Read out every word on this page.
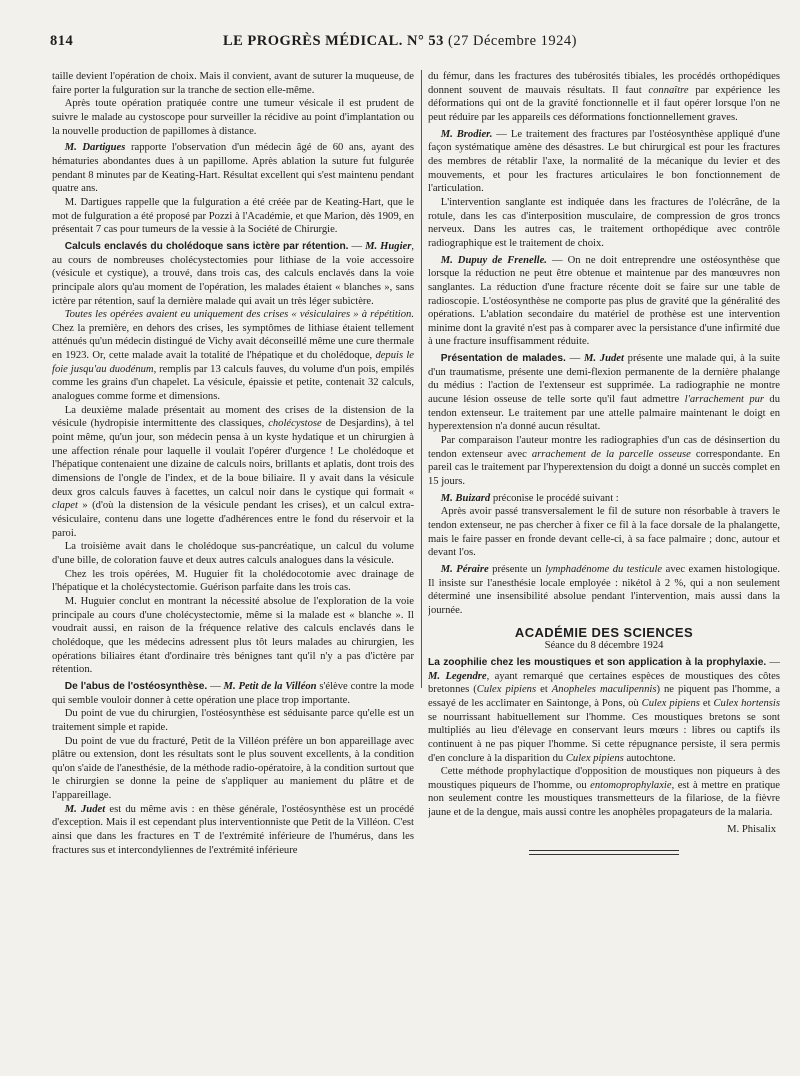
814	LE PROGRÈS MÉDICAL. N° 53 (27 Décembre 1924)

taille devient l'opération de choix. Mais il convient, avant de suturer la muqueuse, de faire porter la fulguration sur la tranche de section elle-même.

Après toute opération pratiquée contre une tumeur vésicale il est prudent de suivre le malade au cystoscope pour surveiller la récidive au point d'implantation ou la nouvelle production de papillomes à distance.

M. Dartigues rapporte l'observation d'un médecin âgé de 60 ans, ayant des hématuries abondantes dues à un papillome. Après ablation la suture fut fulgurée pendant 8 minutes par de Keating-Hart. Résultat excellent qui s'est maintenu pendant quatre ans.

M. Dartigues rappelle que la fulguration a été créée par de Keating-Hart, que le mot de fulguration a été proposé par Pozzi à l'Académie, et que Marion, dès 1909, en présentait 7 cas pour tumeurs de la vessie à la Société de Chirurgie.

Calculs enclavés du cholédoque sans ictère par rétention. — M. Hugier, au cours de nombreuses cholécystectomies pour lithiase de la voie accessoire (vésicule et cystique), a trouvé, dans trois cas, des calculs enclavés dans la voie principale alors qu'au moment de l'opération, les malades étaient « blanches », sans ictère par rétention, sauf la dernière malade qui avait un très léger subictère.

Toutes les opérées avaient eu uniquement des crises « vésiculaires » à répétition. Chez la première, en dehors des crises, les symptômes de lithiase étaient tellement atténués qu'un médecin distingué de Vichy avait déconseillé même une cure thermale en 1923. Or, cette malade avait la totalité de l'hépatique et du cholédoque, depuis le foie jusqu'au duodénum, remplis par 13 calculs fauves, du volume d'un pois, empilés comme les grains d'un chapelet. La vésicule, épaissie et petite, contenait 32 calculs, analogues comme forme et dimensions.

La deuxième malade présentait au moment des crises de la distension de la vésicule (hydropisie intermittente des classiques, cholécystose de Desjardins), à tel point même, qu'un jour, son médecin pensa à un kyste hydatique et un chirurgien à une affection rénale pour laquelle il voulait l'opérer d'urgence ! Le cholédoque et l'hépatique contenaient une dizaine de calculs noirs, brillants et aplatis, dont trois des dimensions de l'ongle de l'index, et de la boue biliaire. Il y avait dans la vésicule deux gros calculs fauves à facettes, un calcul noir dans le cystique qui formait « clapet » (d'où la distension de la vésicule pendant les crises), et un calcul extra-vésiculaire, contenu dans une logette d'adhérences entre le fond du réservoir et la paroi.

La troisième avait dans le cholédoque sus-pancréatique, un calcul du volume d'une bille, de coloration fauve et deux autres calculs analogues dans la vésicule.

Chez les trois opérées, M. Huguier fit la cholédocotomie avec drainage de l'hépatique et la cholécystectomie. Guérison parfaite dans les trois cas.

M. Huguier conclut en montrant la nécessité absolue de l'exploration de la voie principale au cours d'une cholécystectomie, même si la malade est « blanche ». Il voudrait aussi, en raison de la fréquence relative des calculs enclavés dans le cholédoque, que les médecins adressent plus tôt leurs malades au chirurgien, les opérations biliaires étant d'ordinaire très bénignes tant qu'il n'y a pas d'ictère par rétention.

De l'abus de l'ostéosynthèse. — M. Petit de la Villéon s'élève contre la mode qui semble vouloir donner à cette opération une place trop importante.

Du point de vue du chirurgien, l'ostéosynthèse est séduisante parce qu'elle est un traitement simple et rapide.

Du point de vue du fracturé, Petit de la Villéon préfère un bon appareillage avec plâtre ou extension, dont les résultats sont le plus souvent excellents, à la condition qu'on s'aide de l'anesthésie, de la méthode radio-opératoire, à la condition surtout que le chirurgien se donne la peine de s'appliquer au maniement du plâtre et de l'appareillage.

M. Judet est du même avis : en thèse générale, l'ostéosynthèse est un procédé d'exception. Mais il est cependant plus interventionniste que Petit de la Villéon. C'est ainsi que dans les fractures en T de l'extrémité inférieure de l'humérus, dans les fractures sus et intercondyliennes de l'extrémité inférieure

du fémur, dans les fractures des tubérosités tibiales, les procédés orthopédiques donnent souvent de mauvais résultats. Il faut connaître par expérience les déformations qui ont de la gravité fonctionnelle et il faut opérer lorsque l'on ne peut réduire par les appareils ces déformations fonctionnellement graves.

M. Brodier. — Le traitement des fractures par l'ostéosynthèse appliqué d'une façon systématique amène des désastres. Le but chirurgical est pour les fractures des membres de rétablir l'axe, la normalité de la mécanique du levier et des mouvements, et pour les fractures articulaires le bon fonctionnement de l'articulation.

L'intervention sanglante est indiquée dans les fractures de l'olécrâne, de la rotule, dans les cas d'interposition musculaire, de compression de gros troncs nerveux. Dans les autres cas, le traitement orthopédique avec contrôle radiographique est le traitement de choix.

M. Dupuy de Frenelle. — On ne doit entreprendre une ostéosynthèse que lorsque la réduction ne peut être obtenue et maintenue par des manœuvres non sanglantes. La réduction d'une fracture récente doit se faire sur une table de radioscopie. L'ostéosynthèse ne comporte pas plus de gravité que la généralité des opérations. L'ablation secondaire du matériel de prothèse est une intervention minime dont la gravité n'est pas à comparer avec la persistance d'une infirmité due à une fracture insuffisamment réduite.

Présentation de malades. — M. Judet présente une malade qui, à la suite d'un traumatisme, présente une demi-flexion permanente de la dernière phalange du médius : l'action de l'extenseur est supprimée. La radiographie ne montre aucune lésion osseuse de telle sorte qu'il faut admettre l'arrachement pur du tendon extenseur. Le traitement par une attelle palmaire maintenant le doigt en hyperextension n'a donné aucun résultat.

Par comparaison l'auteur montre les radiographies d'un cas de désinsertion du tendon extenseur avec arrachement de la parcelle osseuse correspondante. En pareil cas le traitement par l'hyperextension du doigt a donné un succès complet en 15 jours.

M. Buizard préconise le procédé suivant :

Après avoir passé transversalement le fil de suture non résorbable à travers le tendon extenseur, ne pas chercher à fixer ce fil à la face dorsale de la phalangette, mais le faire passer en fronde devant celle-ci, à sa face palmaire ; donc, autour et devant l'os.

M. Péraire présente un lymphadénome du testicule avec examen histologique. Il insiste sur l'anesthésie locale employée : nikétol à 2 %, qui a non seulement déterminé une insensibilité absolue pendant l'intervention, mais aussi dans la journée.

ACADÉMIE DES SCIENCES
Séance du 8 décembre 1924

La zoophilie chez les moustiques et son application à la prophylaxie. — M. Legendre, ayant remarqué que certaines espèces de moustiques des côtes bretonnes (Culex pipiens et Anopheles maculipennis) ne piquent pas l'homme, a essayé de les acclimater en Saintonge, à Pons, où Culex pipiens et Culex hortensis se nourrissant habituellement sur l'homme. Ces moustiques bretons se sont multipliés au lieu d'élevage en conservant leurs mœurs : libres ou captifs ils continuent à ne pas piquer l'homme. Si cette répugnance persiste, il sera permis d'en conclure à la disparition du Culex pipiens autochtone.

Cette méthode prophylactique d'opposition de moustiques non piqueurs à des moustiques piqueurs de l'homme, ou entomoprophylaxie, est à mettre en pratique non seulement contre les moustiques transmetteurs de la filariose, de la fièvre jaune et de la dengue, mais aussi contre les anophèles propagateurs de la malaria.

M. Phisalix
